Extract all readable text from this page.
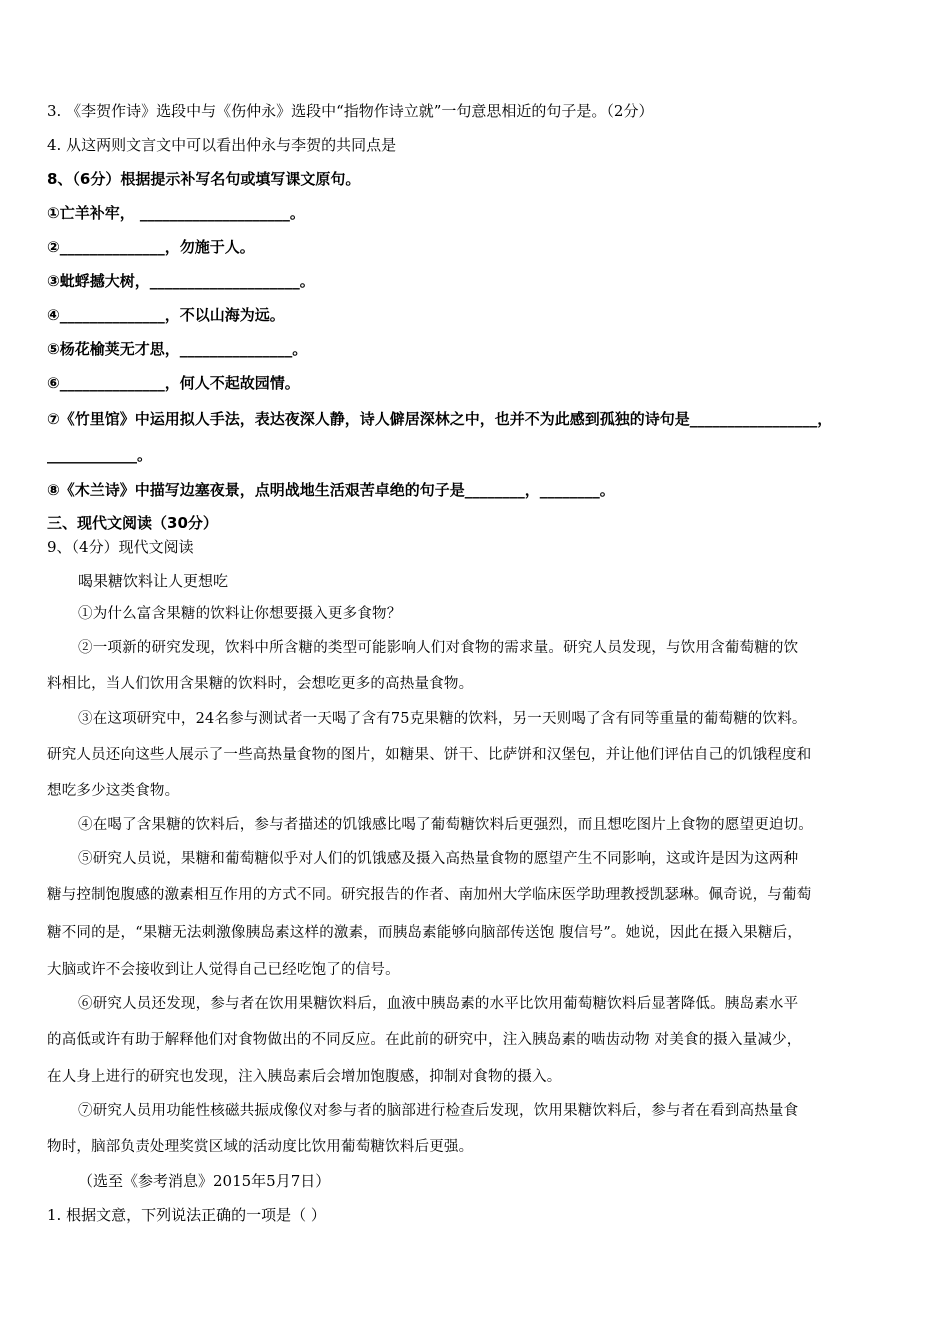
3. 《李贺作诗》选段中与《伤仲永》选段中“指物作诗立就”一句意思相近的句子是。（2分）
4. 从这两则文言文中可以看出仲永与李贺的共同点是
8、（6分）根据提示补写名句或填写课文原句。
①亡羊补牢， ____________________。
②______________，勿施于人。
③蚍蜉撼大树，____________________。
④______________，不以山海为远。
⑤杨花榆荚无才思，_______________。
⑥______________，何人不起故园情。
⑦《竹里馆》中运用拟人手法，表达夜深人静，诗人僻居深林之中，也并不为此感到孤独的诗句是_________________，
____________。
⑧《木兰诗》中描写边塞夜景，点明战地生活艰苦卓绝的句子是________，________。
三、现代文阅读（30分）
9、（4分）现代文阅读
喝果糖饮料让人更想吃
①为什么富含果糖的饮料让你想要摄入更多食物？
②一项新的研究发现，饮料中所含糖的类型可能影响人们对食物的需求量。研究人员发现，与饮用含葡萄糖的饮
料相比，当人们饮用含果糖的饮料时，会想吃更多的高热量食物。
③在这项研究中，24名参与测试者一天喝了含有75克果糖的饮料，另一天则喝了含有同等重量的葡萄糖的饮料。
研究人员还向这些人展示了一些高热量食物的图片，如糖果、饼干、比萨饼和汉堡包，并让他们评估自己的饥饿程度和
想吃多少这类食物。
④在喝了含果糖的饮料后，参与者描述的饥饿感比喝了葡萄糖饮料后更强烈，而且想吃图片上食物的愿望更迫切。
⑤研究人员说，果糖和葡萄糖似乎对人们的饥饿感及摄入高热量食物的愿望产生不同影响，这或许是因为这两种
糖与控制饱腹感的激素相互作用的方式不同。研究报告的作者、南加州大学临床医学助理教授凯瑟琳。佩奇说，与葡萄
糖不同的是，“果糖无法刺激像胰岛素这样的激素，而胰岛素能够向脑部传送饱 腹信号”。她说，因此在摄入果糖后，
大脑或许不会接收到让人觉得自己已经吃饱了的信号。
⑥研究人员还发现，参与者在饮用果糖饮料后，血液中胰岛素的水平比饮用葡萄糖饮料后显著降低。胰岛素水平
的高低或许有助于解释他们对食物做出的不同反应。在此前的研究中，注入胰岛素的啮齿动物 对美食的摄入量减少，
在人身上进行的研究也发现，注入胰岛素后会增加饱腹感，抑制对食物的摄入。
⑦研究人员用功能性核磁共振成像仪对参与者的脑部进行检查后发现，饮用果糖饮料后，参与者在看到高热量食
物时，脑部负责处理奖赏区域的活动度比饮用葡萄糖饮料后更强。
（选至《参考消息》2015年5月7日）
1. 根据文意，下列说法正确的一项是（ ）
